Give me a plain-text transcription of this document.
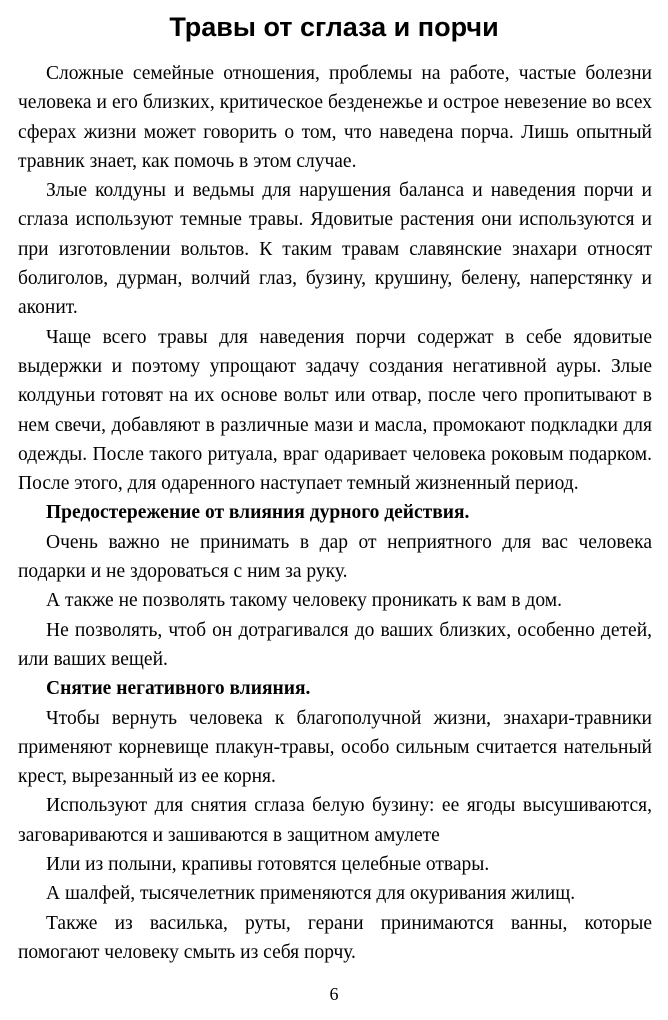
Травы от сглаза и порчи

Сложные семейные отношения, проблемы на работе, частые болезни человека и его близких, критическое безденежье и острое невезение во всех сферах жизни может говорить о том, что наведена порча. Лишь опытный травник знает, как помочь в этом случае.

Злые колдуны и ведьмы для нарушения баланса и наведения порчи и сглаза используют темные травы. Ядовитые растения они используются и при изготовлении вольтов. К таким травам славянские знахари относят болиголов, дурман, волчий глаз, бузину, крушину, белену, наперстянку и аконит.

Чаще всего травы для наведения порчи содержат в себе ядовитые выдержки и поэтому упрощают задачу создания негативной ауры. Злые колдуньи готовят на их основе вольт или отвар, после чего пропитывают в нем свечи, добавляют в различные мази и масла, промокают подкладки для одежды. После такого ритуала, враг одаривает человека роковым подарком. После этого, для одаренного наступает темный жизненный период.

Предостережение от влияния дурного действия.

Очень важно не принимать в дар от неприятного для вас человека подарки и не здороваться с ним за руку.

А также не позволять такому человеку проникать к вам в дом.

Не позволять, чтоб он дотрагивался до ваших близких, особенно детей, или ваших вещей.

Снятие негативного влияния.

Чтобы вернуть человека к благополучной жизни, знахари-травники применяют корневище плакун-травы, особо сильным считается нательный крест, вырезанный из ее корня.

Используют для снятия сглаза белую бузину: ее ягоды высушиваются, заговариваются и зашиваются в защитном амулете

Или из полыни, крапивы готовятся целебные отвары.

А шалфей, тысячелетник применяются для окуривания жилищ.

Также из василька, руты, герани принимаются ванны, которые помогают человеку смыть из себя порчу.

6
